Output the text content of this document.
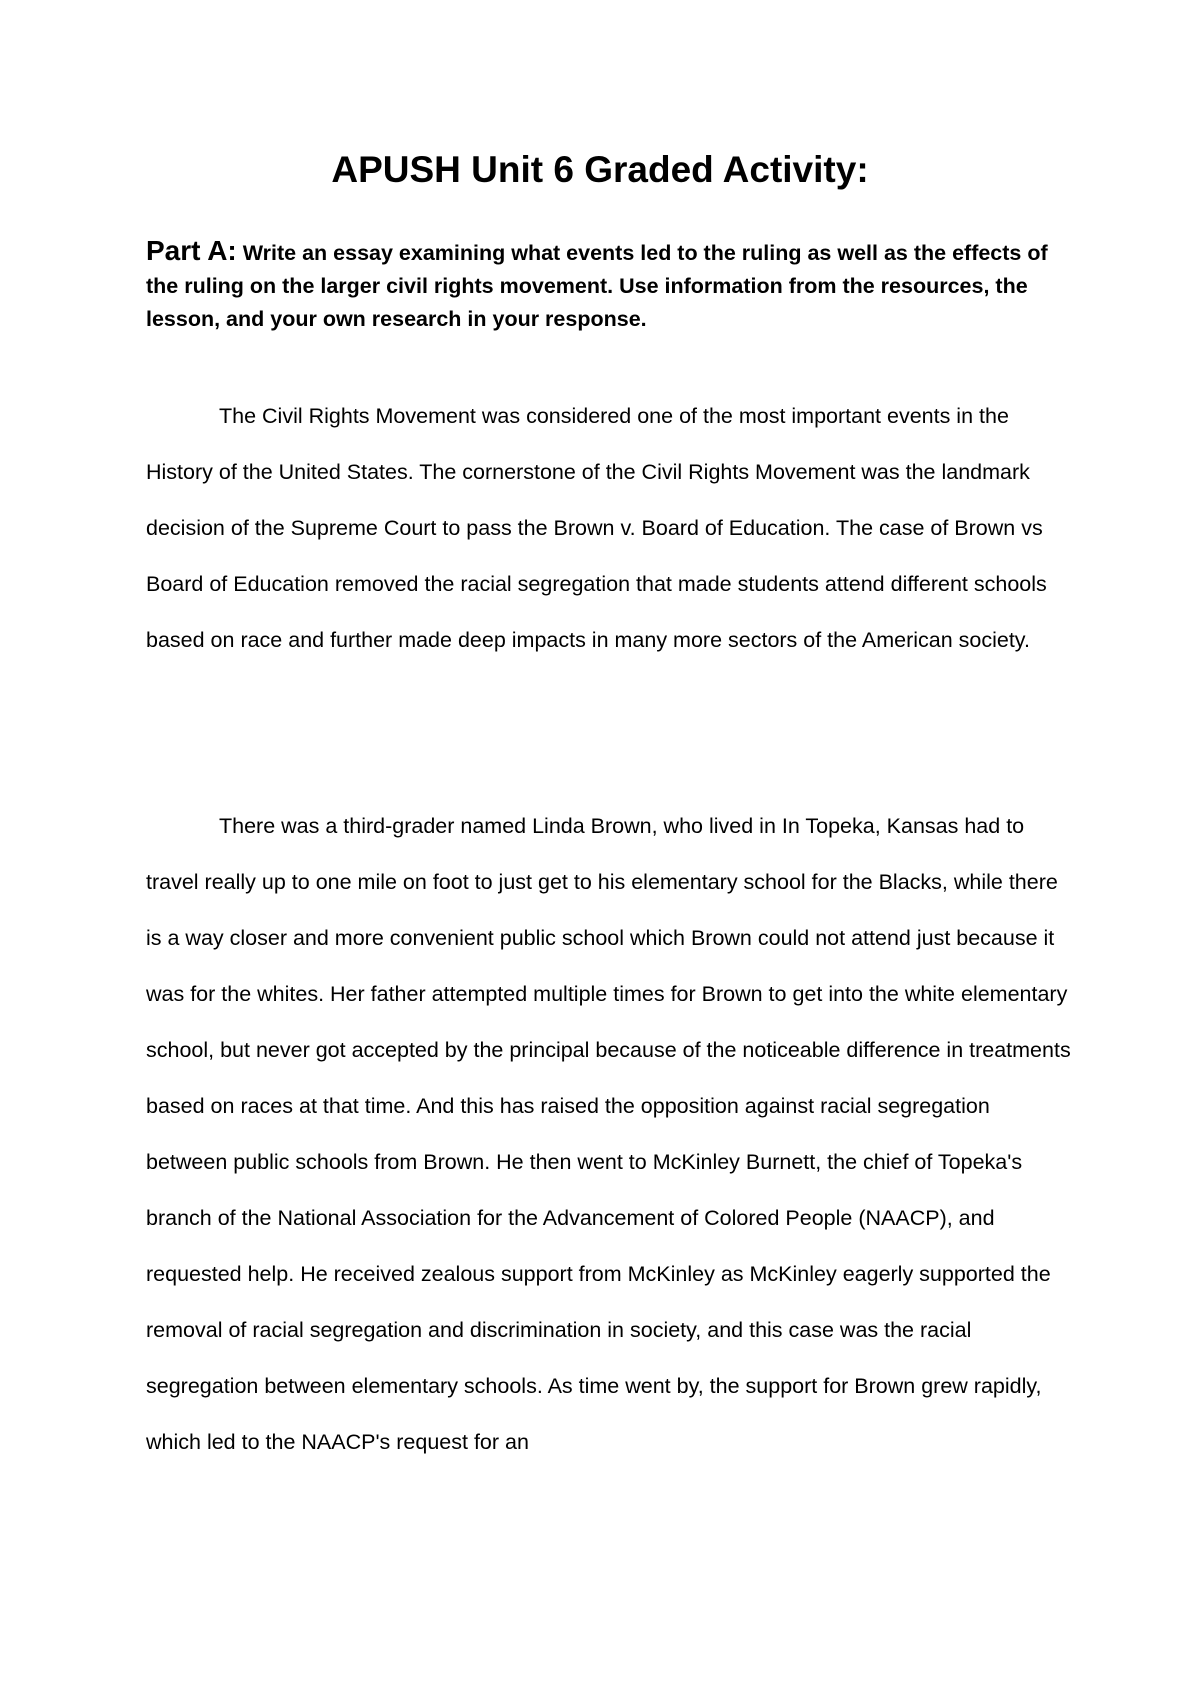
APUSH Unit 6 Graded Activity:

Part A: Write an essay examining what events led to the ruling as well as the effects of the ruling on the larger civil rights movement. Use information from the resources, the lesson, and your own research in your response.

The Civil Rights Movement was considered one of the most important events in the History of the United States. The cornerstone of the Civil Rights Movement was the landmark decision of the Supreme Court to pass the Brown v. Board of Education. The case of Brown vs Board of Education removed the racial segregation that made students attend different schools based on race and further made deep impacts in many more sectors of the American society.

There was a third-grader named Linda Brown, who lived in In Topeka, Kansas had to travel really up to one mile on foot to just get to his elementary school for the Blacks, while there is a way closer and more convenient public school which Brown could not attend just because it was for the whites. Her father attempted multiple times for Brown to get into the white elementary school, but never got accepted by the principal because of the noticeable difference in treatments based on races at that time. And this has raised the opposition against racial segregation between public schools from Brown. He then went to McKinley Burnett, the chief of Topeka's branch of the National Association for the Advancement of Colored People (NAACP), and requested help. He received zealous support from McKinley as McKinley eagerly supported the removal of racial segregation and discrimination in society, and this case was the racial segregation between elementary schools. As time went by, the support for Brown grew rapidly, which led to the NAACP's request for an
